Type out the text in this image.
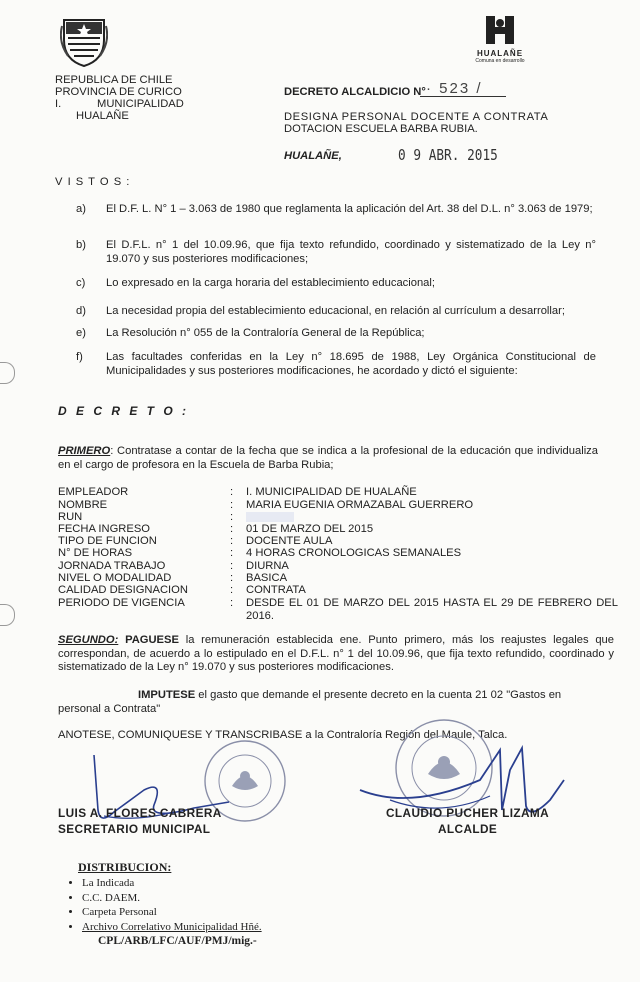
HUALAÑE
Comuna en desarrollo
REPUBLICA DE CHILE
PROVINCIA DE CURICO
I.	MUNICIPALIDAD
HUALAÑE
DECRETO ALCALDICIO N° · 523 /
DESIGNA PERSONAL DOCENTE A CONTRATA
DOTACION ESCUELA BARBA RUBIA.
HUALAÑE,	0 9 ABR. 2015
V I S T O S :
a) El D.F. L. N° 1 – 3.063 de 1980 que reglamenta la aplicación del Art. 38 del D.L. n° 3.063 de 1979;
b) El D.F.L. n° 1 del 10.09.96, que fija texto refundido, coordinado y sistematizado de la Ley n° 19.070 y sus posteriores modificaciones;
c) Lo expresado en la carga horaria del establecimiento educacional;
d) La necesidad propia del establecimiento educacional, en relación al currículum a desarrollar;
e) La Resolución n° 055 de la Contraloría General de la República;
f) Las facultades conferidas en la Ley n° 18.695 de 1988, Ley Orgánica Constitucional de Municipalidades y sus posteriores modificaciones, he acordado y dictó el siguiente:
D E C R E T O :
PRIMERO: Contratase a contar de la fecha que se indica a la profesional de la educación que individualiza en el cargo de profesora en la Escuela de Barba Rubia;
EMPLEADOR	: I. MUNICIPALIDAD DE HUALAÑE
NOMBRE	: MARIA EUGENIA ORMAZABAL GUERRERO
RUN	:
FECHA INGRESO	: 01 DE MARZO DEL 2015
TIPO DE FUNCION	: DOCENTE AULA
N° DE HORAS	: 4 HORAS CRONOLOGICAS SEMANALES
JORNADA TRABAJO	: DIURNA
NIVEL O MODALIDAD	: BASICA
CALIDAD DESIGNACION	: CONTRATA
PERIODO DE VIGENCIA	: DESDE EL 01 DE MARZO DEL 2015 HASTA EL 29 DE FEBRERO DEL 2016.
SEGUNDO: PAGUESE la remuneración establecida ene. Punto primero, más los reajustes legales que correspondan, de acuerdo a lo estipulado en el D.F.L. n° 1 del 10.09.96, que fija texto refundido, coordinado y sistematizado de la Ley n° 19.070 y sus posteriores modificaciones.
IMPUTESE el gasto que demande el presente decreto en la cuenta 21 02 "Gastos en personal a Contrata"
ANOTESE, COMUNIQUESE Y TRANSCRIBASE a la Contraloría Región del Maule, Talca.
LUIS A. FLORES CABRERA
SECRETARIO MUNICIPAL
CLAUDIO PUCHER LIZAMA
ALCALDE
DISTRIBUCION:
• La Indicada
• C.C. DAEM.
• Carpeta Personal
• Archivo Correlativo Municipalidad Hñé.
CPL/ARB/LFC/AUF/PMJ/mig.-
